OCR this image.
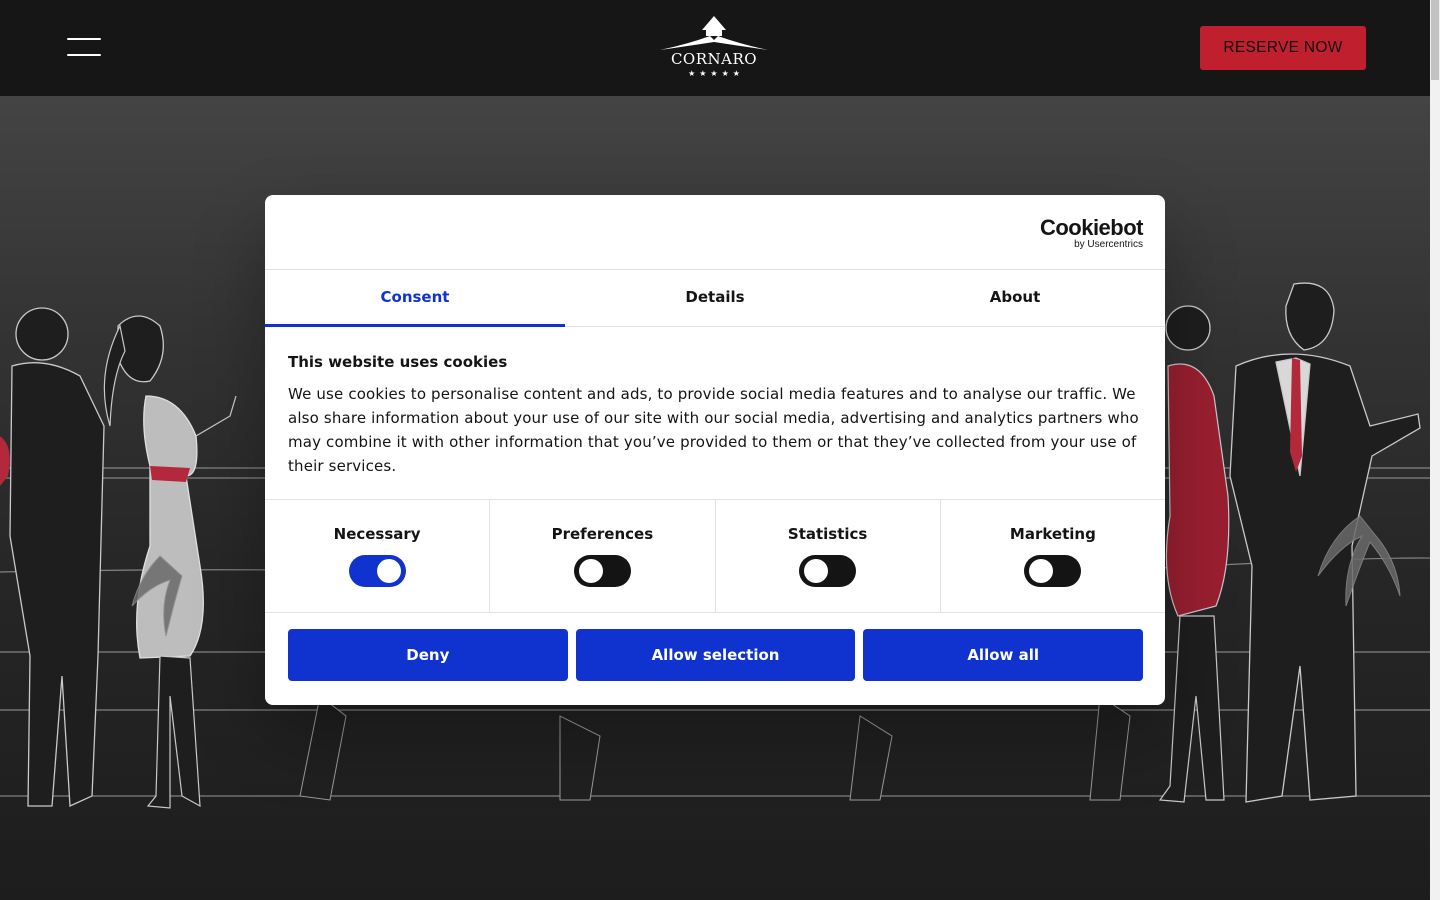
CORNARO
★★★★★
RESERVE NOW
Cookiebot
by Usercentrics
Consent	Details	About
This website uses cookies

We use cookies to personalise content and ads, to provide social media features and to analyse our traffic. We also share information about your use of our site with our social media, advertising and analytics partners who may combine it with other information that you’ve provided to them or that they’ve collected from your use of their services.

Necessary	Preferences	Statistics	Marketing
Deny	Allow selection	Allow all
